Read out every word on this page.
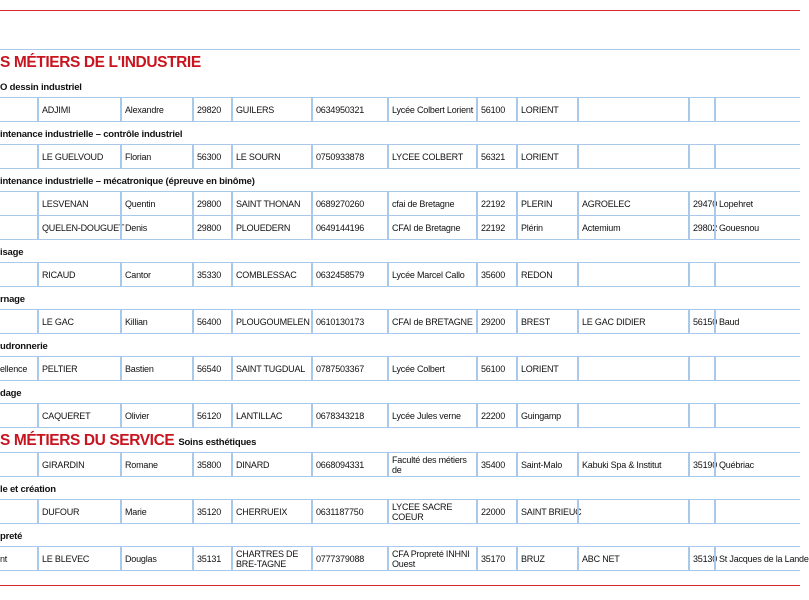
S MÉTIERS DE L'INDUSTRIE
O dessin industriel
ADJIMI	Alexandre	29820	GUILERS	0634950321	Lycée Colbert Lorient 56100	LORIENT
intenance industrielle – contrôle industriel
LE GUELVOUD	Florian	56300	LE SOURN	0750933878	LYCEE COLBERT	56321	LORIENT
intenance industrielle – mécatronique (épreuve en binôme)
LESVENAN	Quentin	29800	SAINT THONAN	0689270260	cfai de Bretagne	22192	PLERIN	AGROELEC	29470 Lopehret
QUELEN-DOUGUET Denis	29800	PLOUEDERN	0649144196	CFAI de Bretagne	22192	Plérin	Actemium	29802 Gouesnou
isage
RICAUD	Cantor	35330	COMBLESSAC	0632458579	Lycée Marcel Callo	35600	REDON
rnage
LE GAC	Killian	56400	PLOUGOUMELEN 0610130173	CFAI de BRETAGNE 29200	BREST	LE GAC DIDIER	56150 Baud
udronnerie
ellence	PELTIER	Bastien	56540	SAINT TUGDUAL	0787503367	Lycée Colbert	56100	LORIENT
dage
CAQUERET	Olivier	56120	LANTILLAC	0678343218	Lycée Jules verne	22200	Guingamp
S MÉTIERS DU SERVICE Soins esthétiques
GIRARDIN	Romane	35800	DINARD	0668094331	Faculté des métiers de	35400	Saint-Malo	Kabuki Spa & Institut	35190 Québriac
le et création
DUFOUR	Marie	35120	CHERRUEIX	0631187750	LYCEE SACRE COEUR	22000	SAINT BRIEUC
preté
nt	LE BLEVEC	Douglas	35131	CHARTRES DE BRE-TAGNE	0777379088	CFA Propreté INHNI Ouest	35170	BRUZ	ABC NET	35130 St Jacques de la Lande
